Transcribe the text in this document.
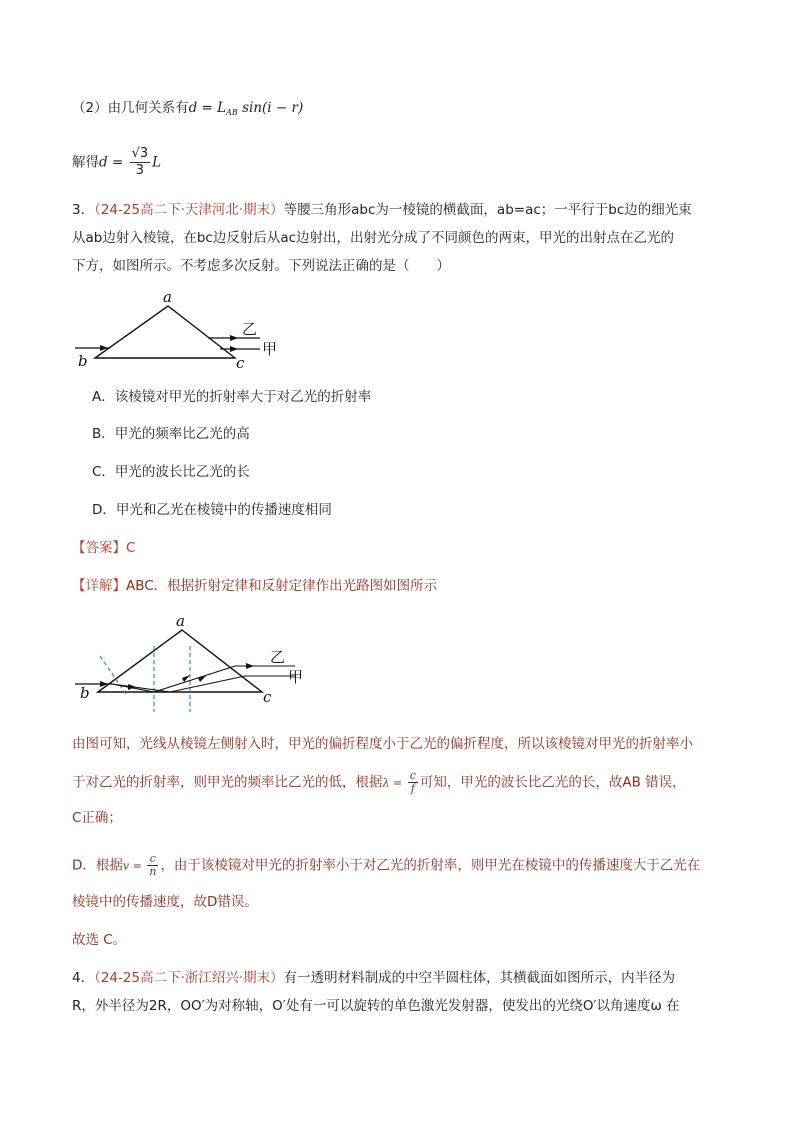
（2）由几何关系有$d = L_{AB}$ sin(i − r)
解得$d = \frac{√3}{3}$ L
3．（24-25高二下·天津河北·期末）等腰三角形abc为一棱镜的横截面，ab=ac；一平行于bc边的细光束
从ab边射入棱镜，在bc边反射后从ac边射出，出射光分成了不同颜色的两束，甲光的出射点在乙光的
下方，如图所示。不考虑多次反射。下列说法正确的是（　　）
a
b	c
乙
甲
A．该棱镜对甲光的折射率大于对乙光的折射率
B．甲光的频率比乙光的高
C．甲光的波长比乙光的长
D．甲光和乙光在棱镜中的传播速度相同
【答案】C
【详解】ABC．根据折射定律和反射定律作出光路图如图所示
a
b	c
乙
甲
由图可知，光线从棱镜左侧射入时，甲光的偏折程度小于乙光的偏折程度，所以该棱镜对甲光的折射率小
于对乙光的折射率，则甲光的频率比乙光的低，根据$\lambda = \frac{c}{f}$ 可知，甲光的波长比乙光的长，故AB 错误，
C正确；
D．根据$v = \frac{c}{n}$ ，由于该棱镜对甲光的折射率小于对乙光的折射率，则甲光在棱镜中的传播速度大于乙光在
棱镜中的传播速度，故D错误。
故选 C。
4．（24-25高二下·浙江绍兴·期末）有一透明材料制成的中空半圆柱体，其横截面如图所示，内半径为
R，外半径为2R，OO′为对称轴，O′处有一可以旋转的单色激光发射器，使发出的光绕O′以角速度ω 在
